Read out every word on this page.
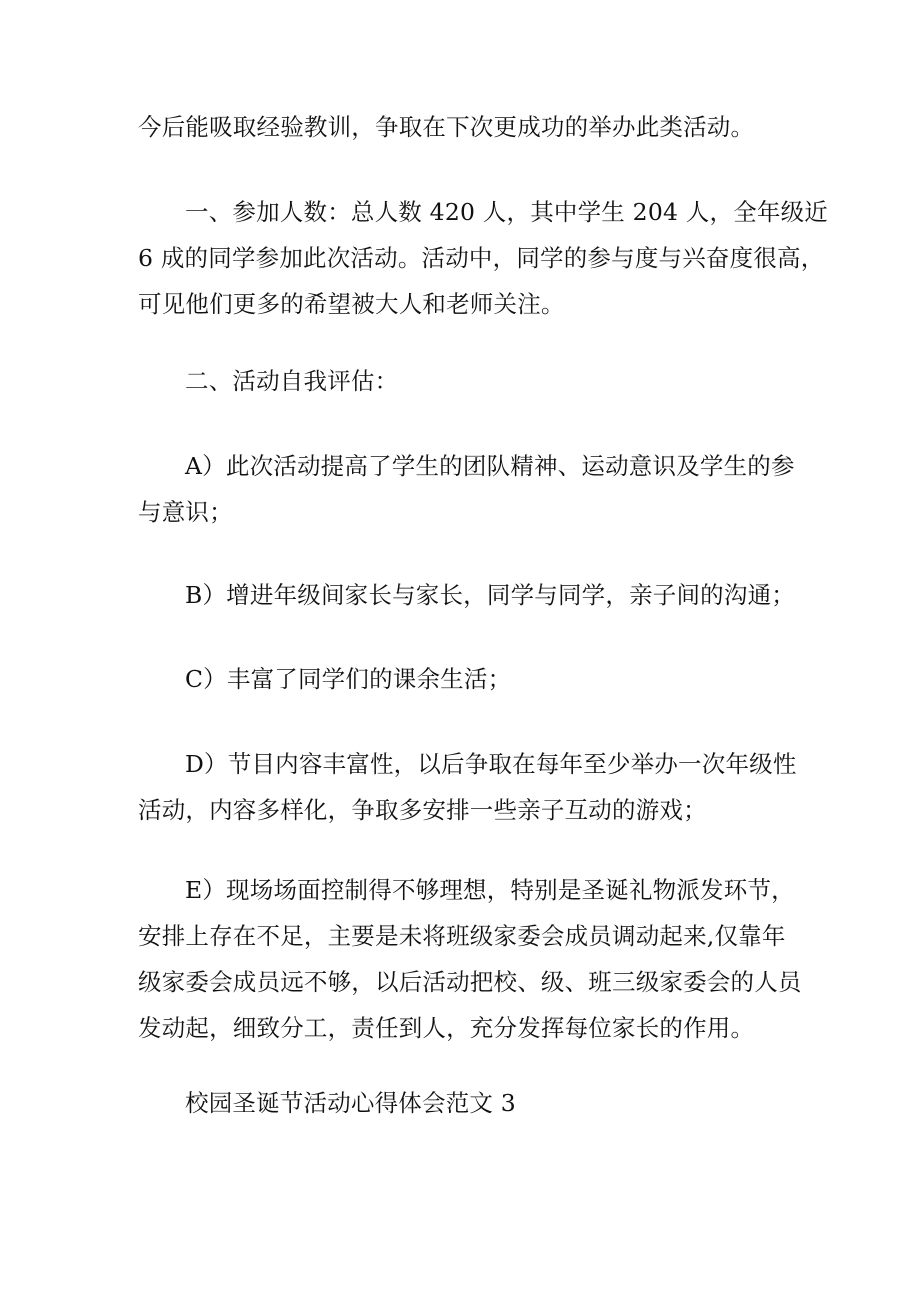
今后能吸取经验教训，争取在下次更成功的举办此类活动。

一、参加人数：总人数 420 人，其中学生 204 人，全年级近
6 成的同学参加此次活动。活动中，同学的参与度与兴奋度很高，
可见他们更多的希望被大人和老师关注。

二、活动自我评估：

A）此次活动提高了学生的团队精神、运动意识及学生的参
与意识；

B）增进年级间家长与家长，同学与同学，亲子间的沟通；

C）丰富了同学们的课余生活；

D）节目内容丰富性，以后争取在每年至少举办一次年级性
活动，内容多样化，争取多安排一些亲子互动的游戏；

E）现场场面控制得不够理想，特别是圣诞礼物派发环节，
安排上存在不足，主要是未将班级家委会成员调动起来,仅靠年
级家委会成员远不够，以后活动把校、级、班三级家委会的人员
发动起，细致分工，责任到人，充分发挥每位家长的作用。

校园圣诞节活动心得体会范文 3
